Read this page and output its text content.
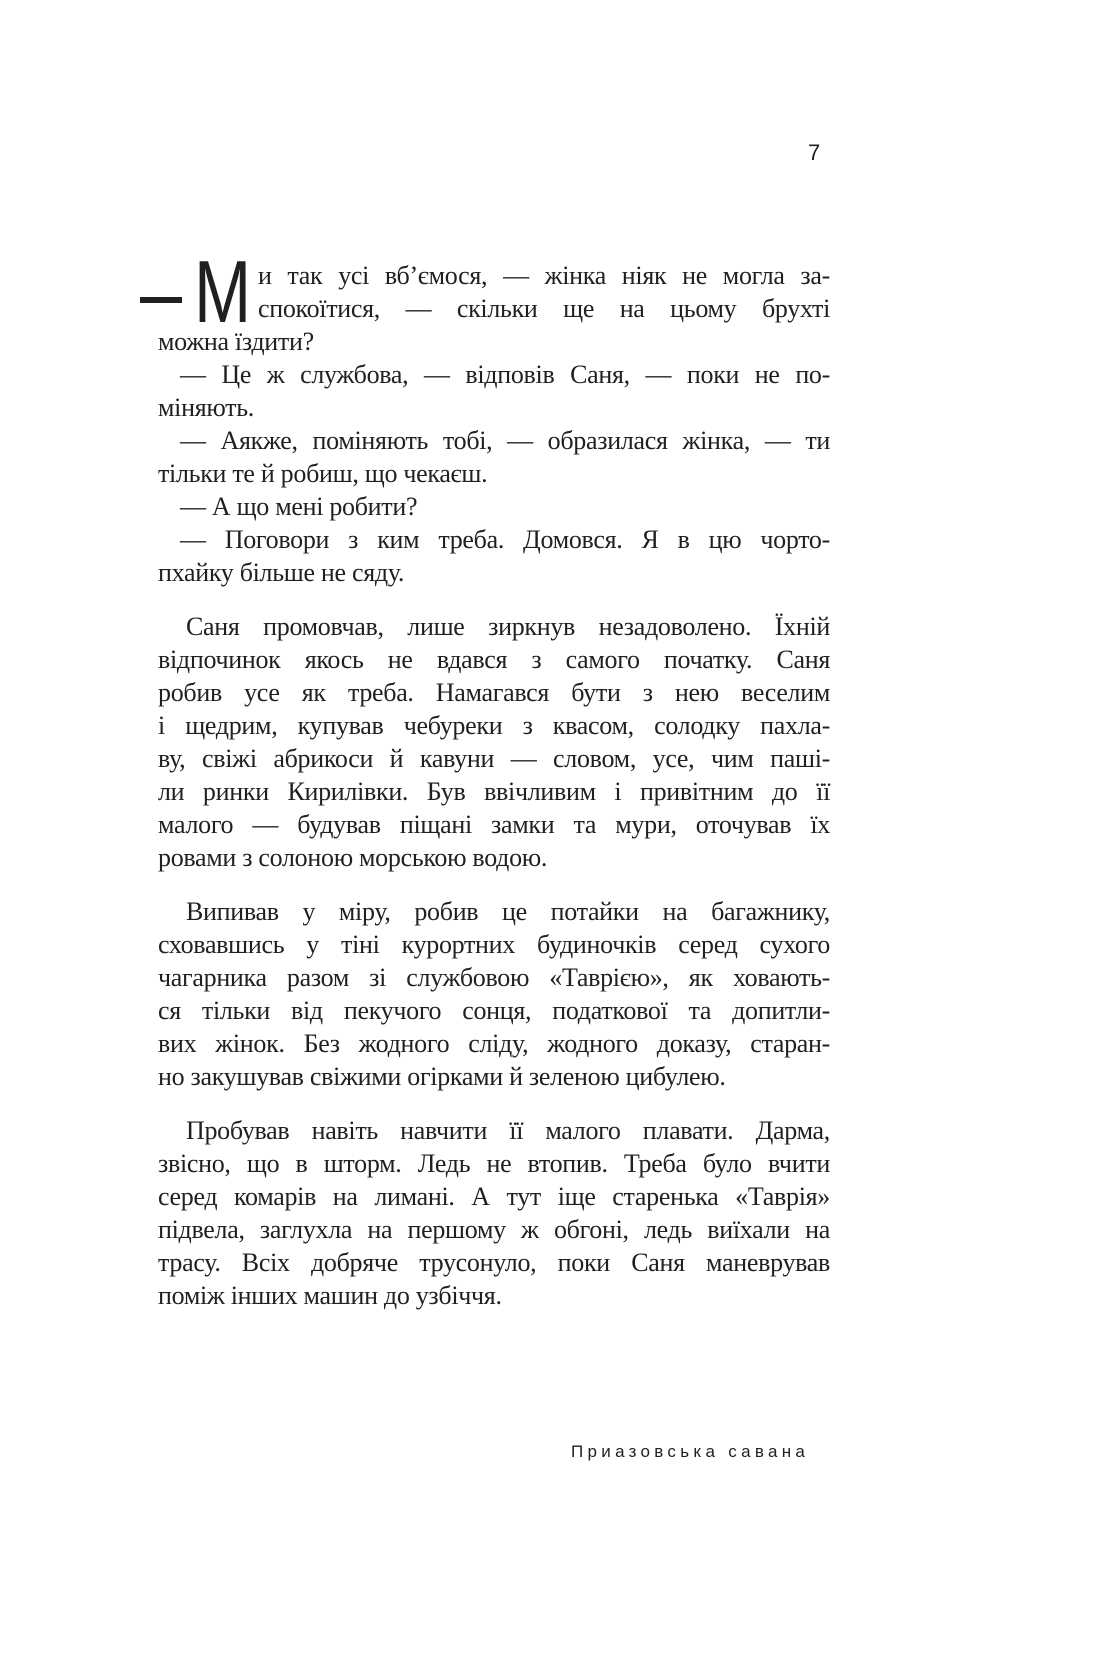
7
М и так усі вб’ємося, — жінка ніяк не могла за-
спокоїтися, — скільки ще на цьому брухті
можна їздити?
— Це ж службова, — відповів Саня, — поки не по-
міняють.
— Аякже, поміняють тобі, — образилася жінка, — ти
тільки те й робиш, що чекаєш.
— А що мені робити?
— Поговори з ким треба. Домовся. Я в цю чорто-
пхайку більше не сяду.
Саня промовчав, лише зиркнув незадоволено. Їхній
відпочинок якось не вдався з самого початку. Саня
робив усе як треба. Намагався бути з нею веселим
і щедрим, купував чебуреки з квасом, солодку пахла-
ву, свіжі абрикоси й кавуни — словом, усе, чим пашi-
ли ринки Кирилівки. Був ввічливим і привітним до її
малого — будував піщані замки та мури, оточував їх
ровами з солоною морською водою.
Випивав у міру, робив це потайки на багажнику,
сховавшись у тіні курортних будиночків серед сухого
чагарника разом зі службовою «Таврією», як ховають-
ся тільки від пекучого сонця, податкової та допитли-
вих жінок. Без жодного сліду, жодного доказу, старан-
но закушував свіжими огірками й зеленою цибулею.
Пробував навіть навчити її малого плавати. Дарма,
звісно, що в шторм. Ледь не втопив. Треба було вчити
серед комарів на лимані. А тут іще старенька «Таврія»
підвела, заглухла на першому ж обгоні, ледь виїхали на
трасу. Всіх добряче трусонуло, поки Саня маневрував
поміж інших машин до узбіччя.
Приазовська савана
